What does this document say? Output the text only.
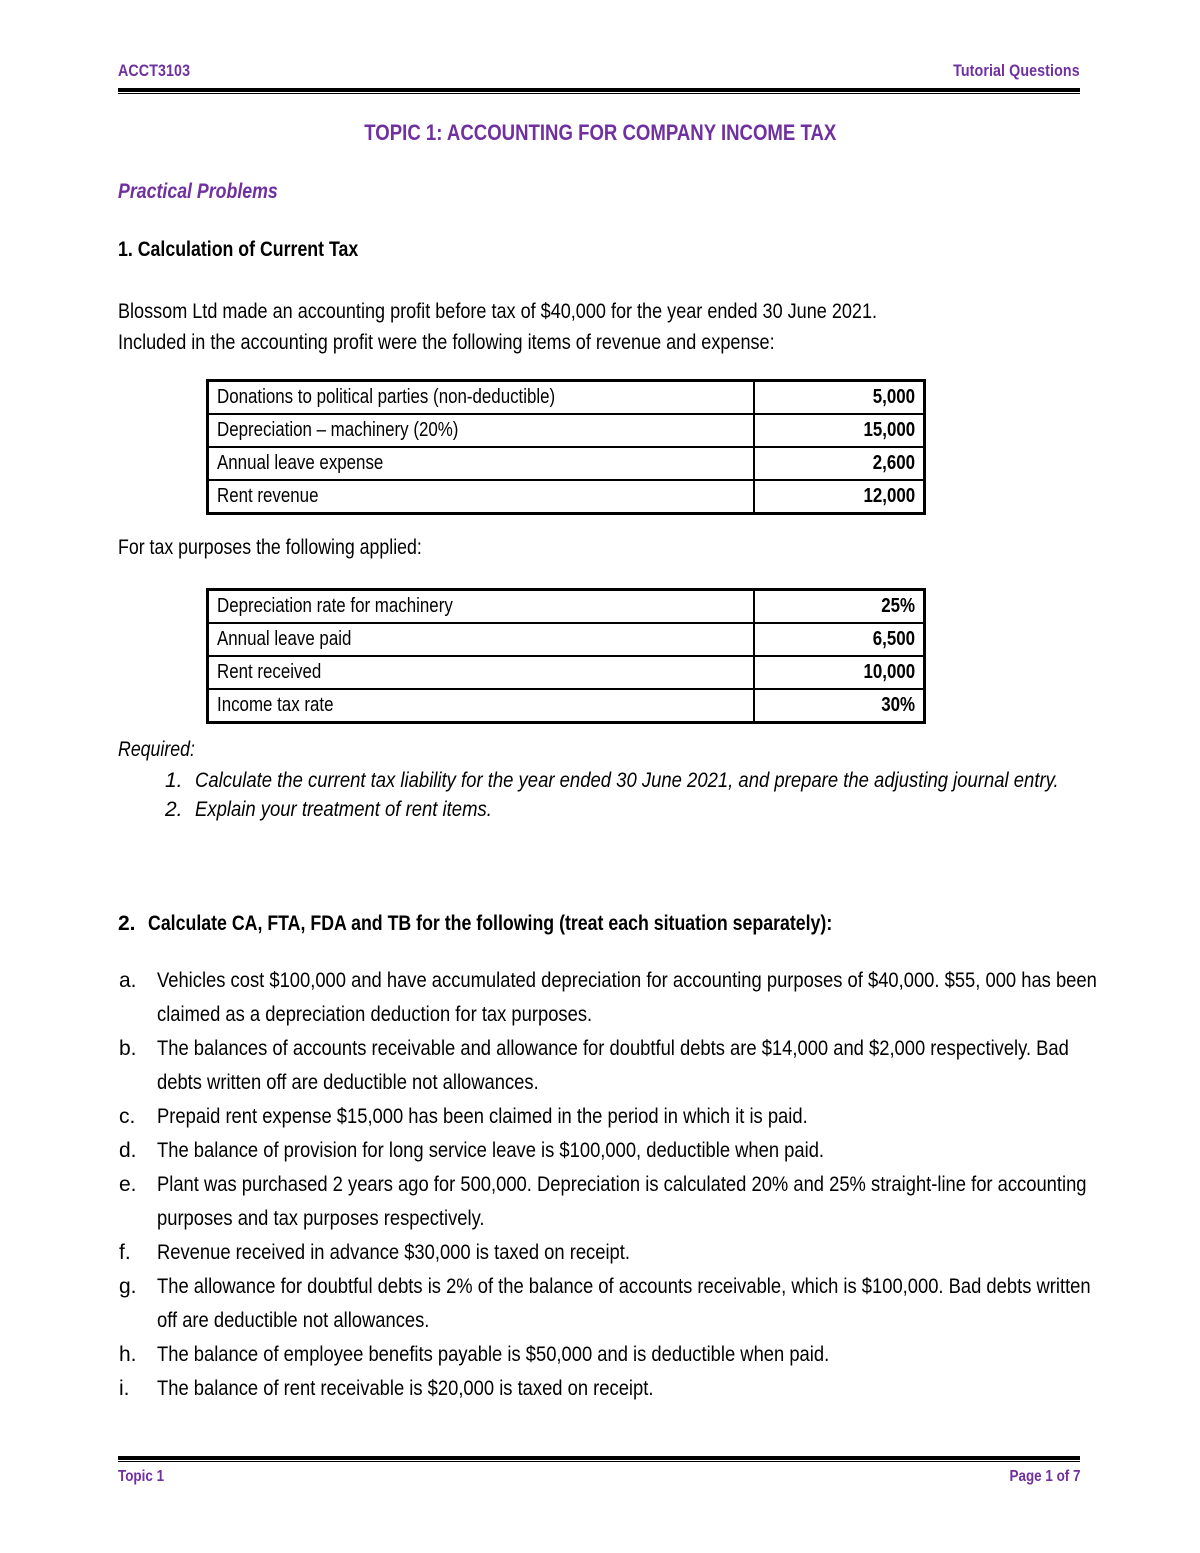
ACCT3103	Tutorial Questions
TOPIC 1: ACCOUNTING FOR COMPANY INCOME TAX
Practical Problems
1. Calculation of Current Tax
Blossom Ltd made an accounting profit before tax of $40,000 for the year ended 30 June 2021.
Included in the accounting profit were the following items of revenue and expense:
Donations to political parties (non-deductible)	5,000
Depreciation – machinery (20%)	15,000
Annual leave expense	2,600
Rent revenue	12,000
For tax purposes the following applied:
Depreciation rate for machinery	25%
Annual leave paid	6,500
Rent received	10,000
Income tax rate	30%
Required:
1. Calculate the current tax liability for the year ended 30 June 2021, and prepare the adjusting journal entry.
2. Explain your treatment of rent items.
2. Calculate CA, FTA, FDA and TB for the following (treat each situation separately):
a. Vehicles cost $100,000 and have accumulated depreciation for accounting purposes of $40,000. $55, 000 has been claimed as a depreciation deduction for tax purposes.
b. The balances of accounts receivable and allowance for doubtful debts are $14,000 and $2,000 respectively. Bad debts written off are deductible not allowances.
c. Prepaid rent expense $15,000 has been claimed in the period in which it is paid.
d. The balance of provision for long service leave is $100,000, deductible when paid.
e. Plant was purchased 2 years ago for 500,000. Depreciation is calculated 20% and 25% straight-line for accounting purposes and tax purposes respectively.
f. Revenue received in advance $30,000 is taxed on receipt.
g. The allowance for doubtful debts is 2% of the balance of accounts receivable, which is $100,000. Bad debts written off are deductible not allowances.
h. The balance of employee benefits payable is $50,000 and is deductible when paid.
i. The balance of rent receivable is $20,000 is taxed on receipt.
Topic 1	Page 1 of 7
